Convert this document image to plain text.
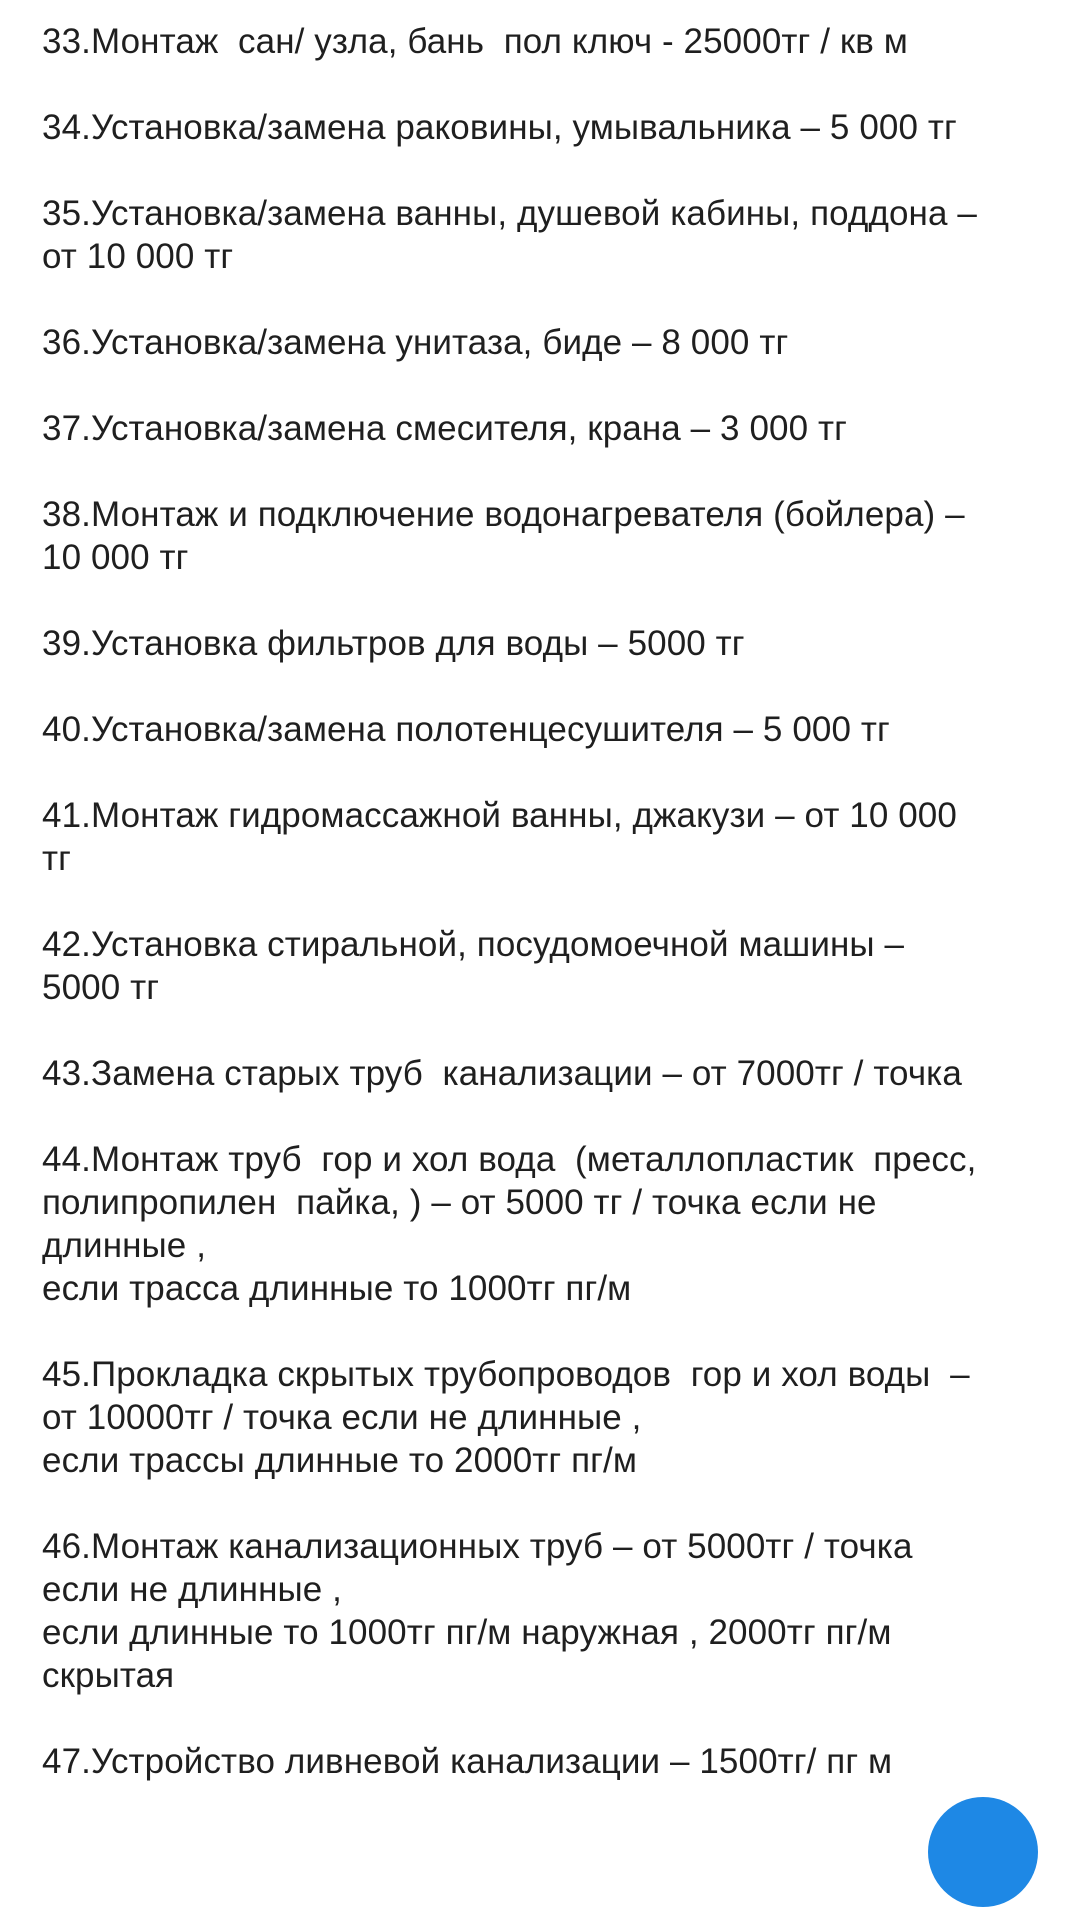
33.Монтаж  сан/ узла, бань  пол ключ - 25000тг / кв м
34.Установка/замена раковины, умывальника – 5 000 тг
35.Установка/замена ванны, душевой кабины, поддона –
от 10 000 тг
36.Установка/замена унитаза, биде – 8 000 тг
37.Установка/замена смесителя, крана – 3 000 тг
38.Монтаж и подключение водонагревателя (бойлера) –
10 000 тг
39.Установка фильтров для воды – 5000 тг
40.Установка/замена полотенцесушителя – 5 000 тг
41.Монтаж гидромассажной ванны, джакузи – от 10 000
тг
42.Установка стиральной, посудомоечной машины –
5000 тг
43.Замена старых труб  канализации – от 7000тг / точка
44.Монтаж труб  гор и хол вода  (металлопластик  пресс,
полипропилен  пайка, ) – от 5000 тг / точка если не
длинные ,
если трасса длинные то 1000тг пг/м
45.Прокладка скрытых трубопроводов  гор и хол воды  –
от 10000тг / точка если не длинные ,
если трассы длинные то 2000тг пг/м
46.Монтаж канализационных труб – от 5000тг / точка
если не длинные ,
если длинные то 1000тг пг/м наружная , 2000тг пг/м
скрытая
47.Устройство ливневой канализации – 1500тг/ пг м
